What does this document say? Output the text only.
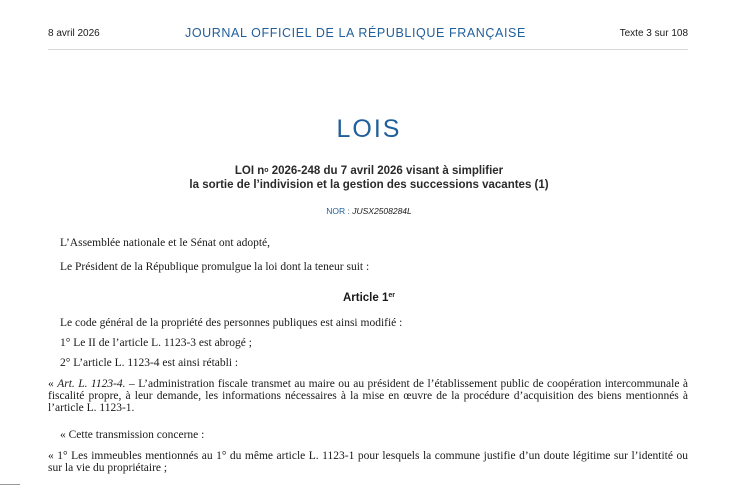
8 avril 2026	JOURNAL OFFICIEL DE LA RÉPUBLIQUE FRANÇAISE	Texte 3 sur 108
LOIS
LOI $n^o$ 2026-248 du 7 avril 2026 visant à simplifier
la sortie de l’indivision et la gestion des successions vacantes (1)
NOR : JUSX2508284L
L’Assemblée nationale et le Sénat ont adopté,
Le Président de la République promulgue la loi dont la teneur suit :
Article 1er
Le code général de la propriété des personnes publiques est ainsi modifié :
1° Le II de l’article L. 1123-3 est abrogé ;
2° L’article L. 1123-4 est ainsi rétabli :
« Art. L. 1123-4. – L’administration fiscale transmet au maire ou au président de l’établissement public de coopération intercommunale à fiscalité propre, à leur demande, les informations nécessaires à la mise en œuvre de la procédure d’acquisition des biens mentionnés à l’article L. 1123-1.
« Cette transmission concerne :
« 1° Les immeubles mentionnés au 1° du même article L. 1123-1 pour lesquels la commune justifie d’un doute légitime sur l’identité ou sur la vie du propriétaire ;
